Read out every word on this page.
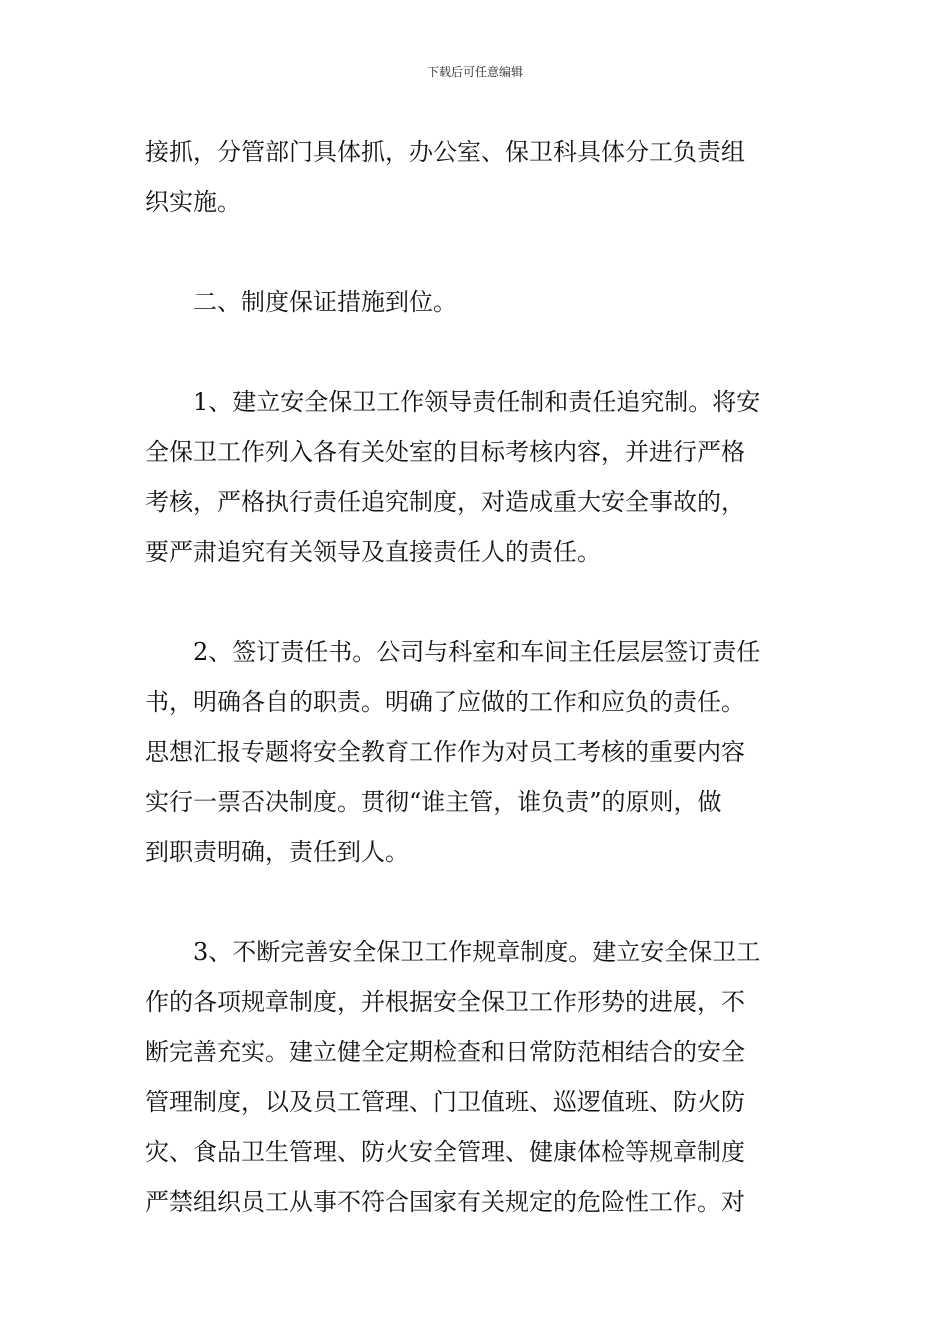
下载后可任意编辑
接抓，分管部门具体抓，办公室、保卫科具体分工负责组
织实施。
二、制度保证措施到位。
1、建立安全保卫工作领导责任制和责任追究制。将安
全保卫工作列入各有关处室的目标考核内容，并进行严格
考核，严格执行责任追究制度，对造成重大安全事故的，
要严肃追究有关领导及直接责任人的责任。
2、签订责任书。公司与科室和车间主任层层签订责任
书，明确各自的职责。明确了应做的工作和应负的责任。
思想汇报专题将安全教育工作作为对员工考核的重要内容
实行一票否决制度。贯彻“谁主管，谁负责”的原则，做
到职责明确，责任到人。
3、不断完善安全保卫工作规章制度。建立安全保卫工
作的各项规章制度，并根据安全保卫工作形势的进展，不
断完善充实。建立健全定期检查和日常防范相结合的安全
管理制度，以及员工管理、门卫值班、巡逻值班、防火防
灾、食品卫生管理、防火安全管理、健康体检等规章制度
严禁组织员工从事不符合国家有关规定的危险性工作。对
